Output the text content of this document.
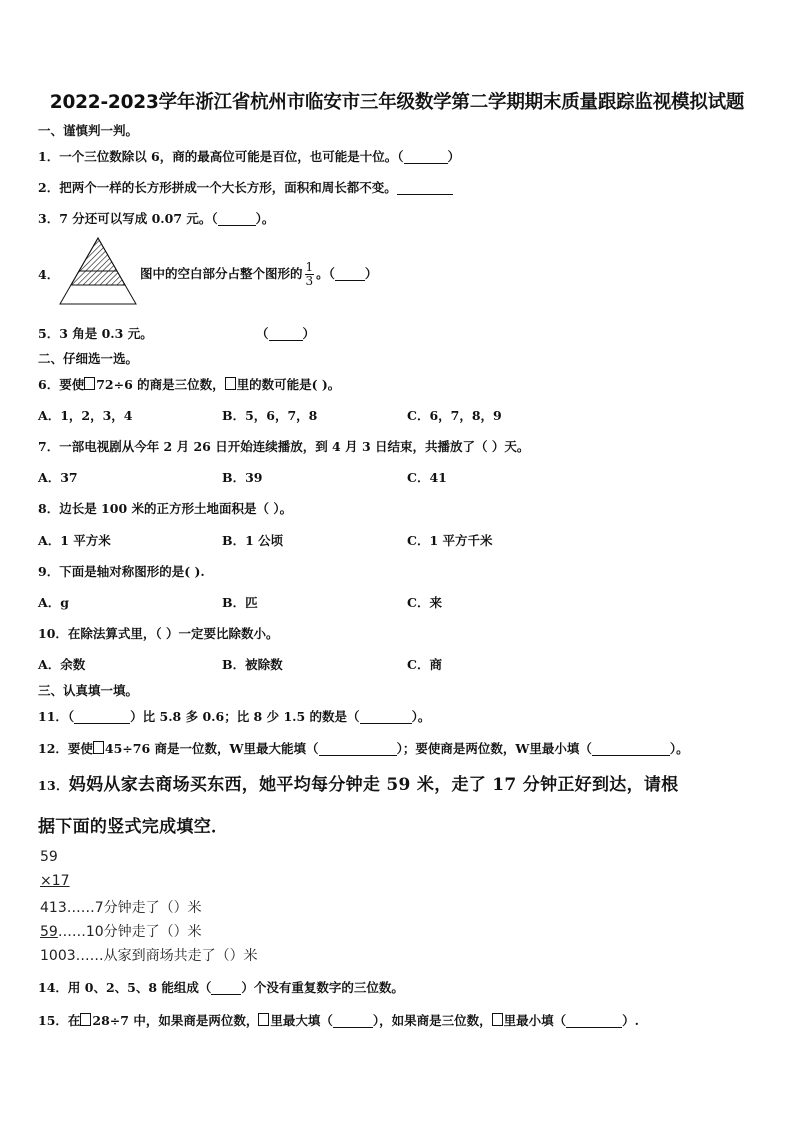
2022-2023学年浙江省杭州市临安市三年级数学第二学期期末质量跟踪监视模拟试题
一、谨慎判一判。
1．一个三位数除以 6，商的最高位可能是百位，也可能是十位。（	）
2．把两个一样的长方形拼成一个大长方形，面积和周长都不变。
3．7 分还可以写成 0.07 元。（	）。
4．	图中的空白部分占整个图形的 $\frac{1}{3}$ 。（ ）
5．3 角是 0.3 元。	（	）
二、仔细选一选。
6．要使 72÷6 的商是三位数， 里的数可能是( )。
A．1，2，3，4	B．5，6，7，8	C．6，7，8，9
7．一部电视剧从今年 2 月 26 日开始连续播放，到 4 月 3 日结束，共播放了（ ）天。
A．37	B．39	C．41
8．边长是 100 米的正方形土地面积是（ ）。
A．1 平方米	B．1 公顷	C．1 平方千米
9．下面是轴对称图形的是( ).
A．g	B．匹	C．来
10．在除法算式里，（ ）一定要比除数小。
A．余数	B．被除数	C．商
三、认真填一填。
11．（	）比 5.8 多 0.6；比 8 少 1.5 的数是（	）。
12．要使 45÷76 商是一位数，W里最大能填（	）；要使商是两位数，W里最小填（	）。
13．妈妈从家去商场买东西，她平均每分钟走 59 米，走了 17 分钟正好到达，请根
据下面的竖式完成填空．
59
×17
413……7分钟走了（）米
59……10分钟走了（）米
1003……从家到商场共走了（）米
14．用 0、2、5、8 能组成（ ）个没有重复数字的三位数。
15．在 28÷7 中，如果商是两位数， 里最大填（	），如果商是三位数， 里最小填（	）.
